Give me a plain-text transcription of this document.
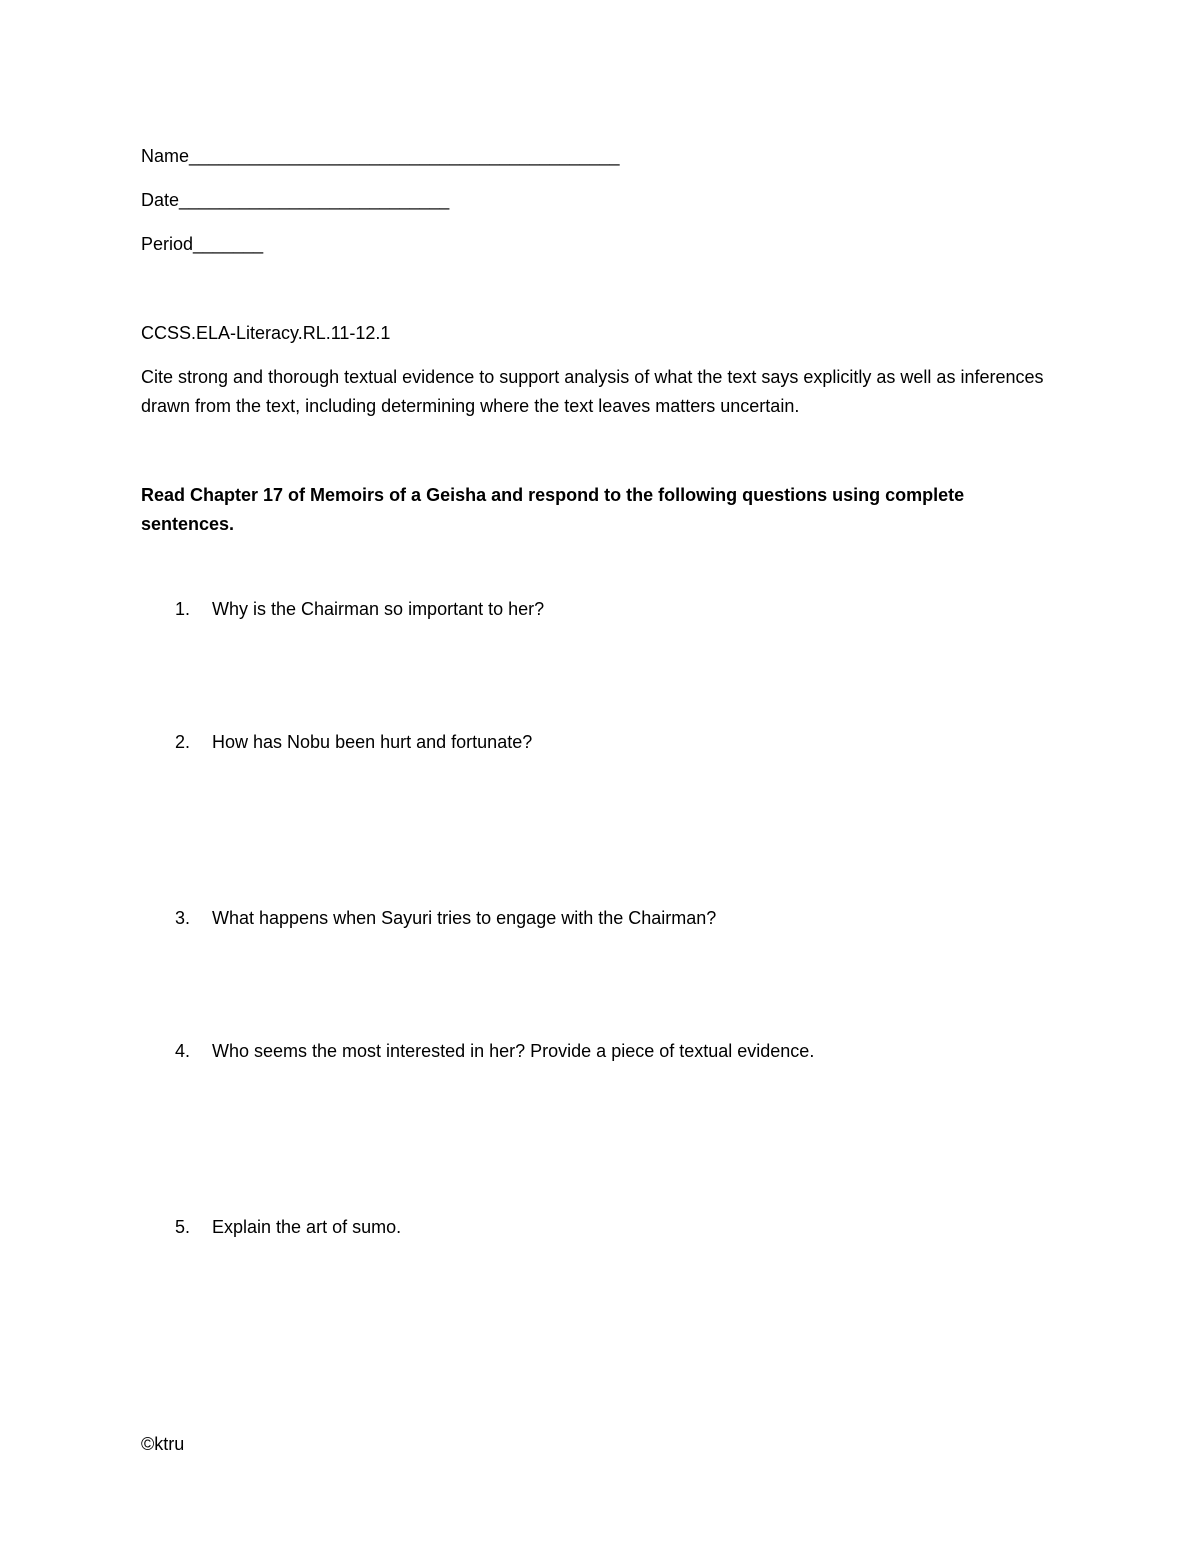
Name___________________________________________
Date___________________________
Period_______
CCSS.ELA-Literacy.RL.11-12.1
Cite strong and thorough textual evidence to support analysis of what the text says explicitly as well as inferences drawn from the text, including determining where the text leaves matters uncertain.
Read Chapter 17 of Memoirs of a Geisha and respond to the following questions using complete sentences.
1.	Why is the Chairman so important to her?
2.	How has Nobu been hurt and fortunate?
3.	What happens when Sayuri tries to engage with the Chairman?
4.	Who seems the most interested in her? Provide a piece of textual evidence.
5.	Explain the art of sumo.
©ktru
